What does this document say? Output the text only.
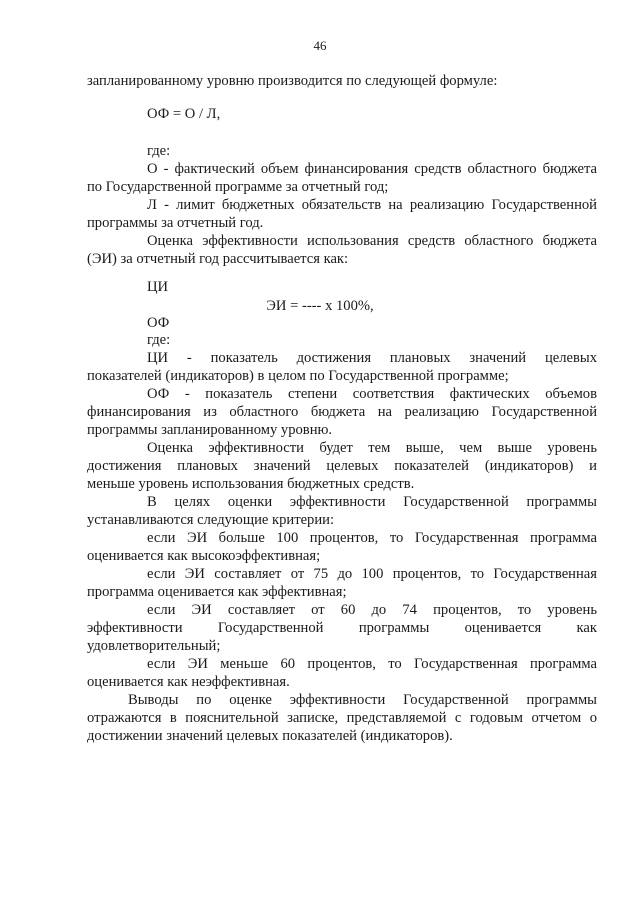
46
запланированному уровню производится по следующей формуле:
ОФ = О / Л,
где:
О - фактический объем финансирования средств областного бюджета
по Государственной программе за отчетный год;
Л - лимит бюджетных обязательств на реализацию Государственной
программы за отчетный год.
Оценка эффективности использования средств областного бюджета
(ЭИ) за отчетный год рассчитывается как:
ЦИ
ЭИ = ---- x 100%,
ОФ
где:
ЦИ - показатель достижения плановых значений целевых
показателей (индикаторов) в целом по Государственной программе;
ОФ - показатель степени соответствия фактических объемов
финансирования из областного бюджета на реализацию Государственной
программы запланированному уровню.
Оценка эффективности будет тем выше, чем выше уровень
достижения плановых значений целевых показателей (индикаторов) и
меньше уровень использования бюджетных средств.
В целях оценки эффективности Государственной программы
устанавливаются следующие критерии:
если ЭИ больше 100 процентов, то Государственная программа
оценивается как высокоэффективная;
если ЭИ составляет от 75 до 100 процентов, то Государственная
программа оценивается как эффективная;
если ЭИ составляет от 60 до 74 процентов, то уровень
эффективности Государственной программы оценивается как
удовлетворительный;
если ЭИ меньше 60 процентов, то Государственная программа
оценивается как неэффективная.
Выводы по оценке эффективности Государственной программы
отражаются в пояснительной записке, представляемой с годовым отчетом о
достижении значений целевых показателей (индикаторов).
